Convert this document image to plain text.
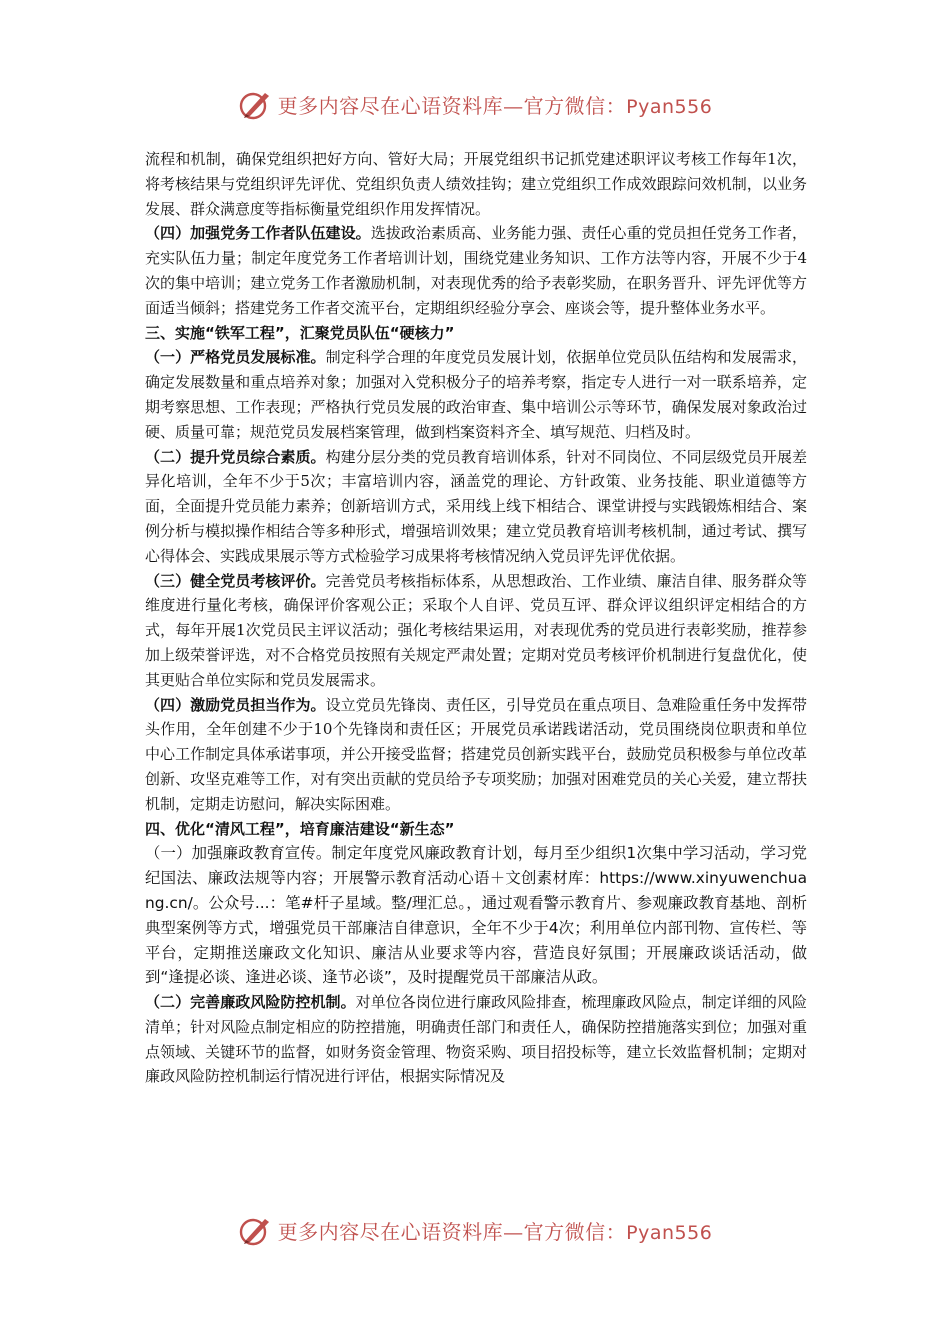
更多内容尽在心语资料库—官方微信：Pyan556

流程和机制，确保党组织把好方向、管好大局；开展党组织书记抓党建述职评议考核工作每年1次，将考核结果与党组织评先评优、党组织负责人绩效挂钩；建立党组织工作成效跟踪问效机制，以业务发展、群众满意度等指标衡量党组织作用发挥情况。

（四）加强党务工作者队伍建设。选拔政治素质高、业务能力强、责任心重的党员担任党务工作者，充实队伍力量；制定年度党务工作者培训计划，围绕党建业务知识、工作方法等内容，开展不少于4次的集中培训；建立党务工作者激励机制，对表现优秀的给予表彰奖励，在职务晋升、评先评优等方面适当倾斜；搭建党务工作者交流平台，定期组织经验分享会、座谈会等，提升整体业务水平。

三、实施“铁军工程”，汇聚党员队伍“硬核力”

（一）严格党员发展标准。制定科学合理的年度党员发展计划，依据单位党员队伍结构和发展需求，确定发展数量和重点培养对象；加强对入党积极分子的培养考察，指定专人进行一对一联系培养，定期考察思想、工作表现；严格执行党员发展的政治审查、集中培训公示等环节，确保发展对象政治过硬、质量可靠；规范党员发展档案管理，做到档案资料齐全、填写规范、归档及时。

（二）提升党员综合素质。构建分层分类的党员教育培训体系，针对不同岗位、不同层级党员开展差异化培训，全年不少于5次；丰富培训内容，涵盖党的理论、方针政策、业务技能、职业道德等方面，全面提升党员能力素养；创新培训方式，采用线上线下相结合、课堂讲授与实践锻炼相结合、案例分析与模拟操作相结合等多种形式，增强培训效果；建立党员教育培训考核机制，通过考试、撰写心得体会、实践成果展示等方式检验学习成果将考核情况纳入党员评先评优依据。

（三）健全党员考核评价。完善党员考核指标体系，从思想政治、工作业绩、廉洁自律、服务群众等维度进行量化考核，确保评价客观公正；采取个人自评、党员互评、群众评议组织评定相结合的方式，每年开展1次党员民主评议活动；强化考核结果运用，对表现优秀的党员进行表彰奖励，推荐参加上级荣誉评选，对不合格党员按照有关规定严肃处置；定期对党员考核评价机制进行复盘优化，使其更贴合单位实际和党员发展需求。

（四）激励党员担当作为。设立党员先锋岗、责任区，引导党员在重点项目、急难险重任务中发挥带头作用，全年创建不少于10个先锋岗和责任区；开展党员承诺践诺活动，党员围绕岗位职责和单位中心工作制定具体承诺事项，并公开接受监督；搭建党员创新实践平台，鼓励党员积极参与单位改革创新、攻坚克难等工作，对有突出贡献的党员给予专项奖励；加强对困难党员的关心关爱，建立帮扶机制，定期走访慰问，解决实际困难。

四、优化“清风工程”，培育廉洁建设“新生态”

（一）加强廉政教育宣传。制定年度党风廉政教育计划，每月至少组织1次集中学习活动，学习党纪国法、廉政法规等内容；开展警示教育活动心语＋文创素材库：https://www.xinyuwenchuang.cn/。公众号...：笔#杆子星域。整/理汇总。，通过观看警示教育片、参观廉政教育基地、剖析典型案例等方式，增强党员干部廉洁自律意识，全年不少于4次；利用单位内部刊物、宣传栏、等平台，定期推送廉政文化知识、廉洁从业要求等内容，营造良好氛围；开展廉政谈话活动，做到“逢提必谈、逢进必谈、逢节必谈”，及时提醒党员干部廉洁从政。

（二）完善廉政风险防控机制。对单位各岗位进行廉政风险排查，梳理廉政风险点，制定详细的风险清单；针对风险点制定相应的防控措施，明确责任部门和责任人，确保防控措施落实到位；加强对重点领域、关键环节的监督，如财务资金管理、物资采购、项目招投标等，建立长效监督机制；定期对廉政风险防控机制运行情况进行评估，根据实际情况及

更多内容尽在心语资料库—官方微信：Pyan556
